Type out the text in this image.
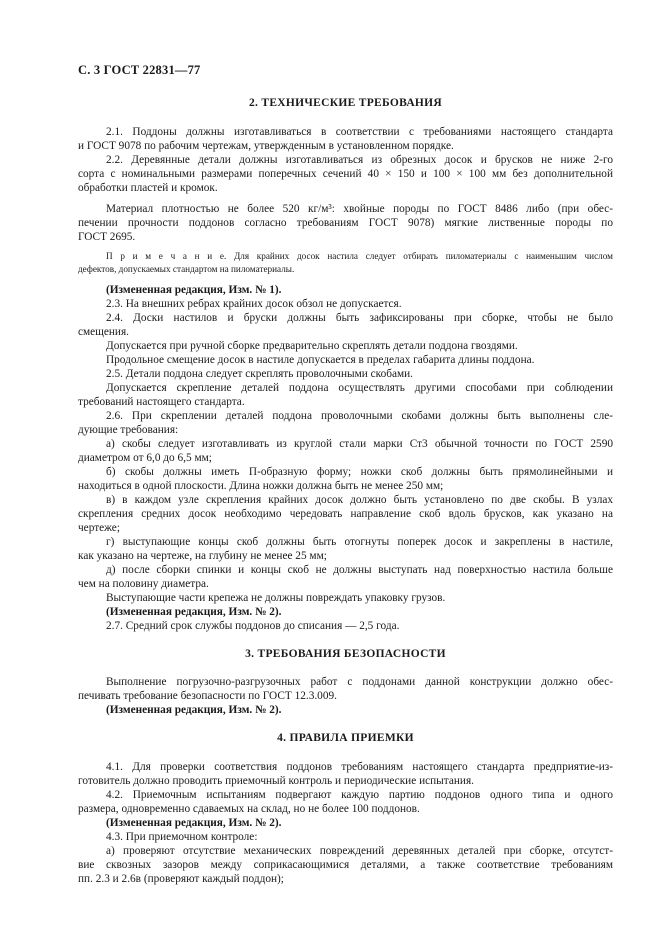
С. 3 ГОСТ 22831—77
2. ТЕХНИЧЕСКИЕ ТРЕБОВАНИЯ
2.1. Поддоны должны изготавливаться в соответствии с требованиями настоящего стандарта
и ГОСТ 9078 по рабочим чертежам, утвержденным в установленном порядке.
2.2. Деревянные детали должны изготавливаться из обрезных досок и брусков не ниже 2-го
сорта с номинальными размерами поперечных сечений 40 × 150 и 100 × 100 мм без дополнительной
обработки пластей и кромок.
Материал плотностью не более 520 кг/м³: хвойные породы по ГОСТ 8486 либо (при обес-
печении прочности поддонов согласно требованиям ГОСТ 9078) мягкие лиственные породы по
ГОСТ 2695.
П р и м е ч а н и е. Для крайних досок настила следует отбирать пиломатериалы с наименьшим числом
дефектов, допускаемых стандартом на пиломатериалы.
(Измененная редакция, Изм. № 1).
2.3. На внешних ребрах крайних досок обзол не допускается.
2.4. Доски настилов и бруски должны быть зафиксированы при сборке, чтобы не было
смещения.
Допускается при ручной сборке предварительно скреплять детали поддона гвоздями.
Продольное смещение досок в настиле допускается в пределах габарита длины поддона.
2.5. Детали поддона следует скреплять проволочными скобами.
Допускается скрепление деталей поддона осуществлять другими способами при соблюдении
требований настоящего стандарта.
2.6. При скреплении деталей поддона проволочными скобами должны быть выполнены сле-
дующие требования:
а) скобы следует изготавливать из круглой стали марки Ст3 обычной точности по ГОСТ 2590
диаметром от 6,0 до 6,5 мм;
б) скобы должны иметь П-образную форму; ножки скоб должны быть прямолинейными и
находиться в одной плоскости. Длина ножки должна быть не менее 250 мм;
в) в каждом узле скрепления крайних досок должно быть установлено по две скобы. В узлах
скрепления средних досок необходимо чередовать направление скоб вдоль брусков, как указано на
чертеже;
г) выступающие концы скоб должны быть отогнуты поперек досок и закреплены в настиле,
как указано на чертеже, на глубину не менее 25 мм;
д) после сборки спинки и концы скоб не должны выступать над поверхностью настила больше
чем на половину диаметра.
Выступающие части крепежа не должны повреждать упаковку грузов.
(Измененная редакция, Изм. № 2).
2.7. Средний срок службы поддонов до списания — 2,5 года.
3. ТРЕБОВАНИЯ БЕЗОПАСНОСТИ
Выполнение погрузочно-разгрузочных работ с поддонами данной конструкции должно обес-
печивать требование безопасности по ГОСТ 12.3.009.
(Измененная редакция, Изм. № 2).
4. ПРАВИЛА ПРИЕМКИ
4.1. Для проверки соответствия поддонов требованиям настоящего стандарта предприятие-из-
готовитель должно проводить приемочный контроль и периодические испытания.
4.2. Приемочным испытаниям подвергают каждую партию поддонов одного типа и одного
размера, одновременно сдаваемых на склад, но не более 100 поддонов.
(Измененная редакция, Изм. № 2).
4.3. При приемочном контроле:
а) проверяют отсутствие механических повреждений деревянных деталей при сборке, отсутст-
вие сквозных зазоров между соприкасающимися деталями, а также соответствие требованиям
пп. 2.3 и 2.6в (проверяют каждый поддон);
